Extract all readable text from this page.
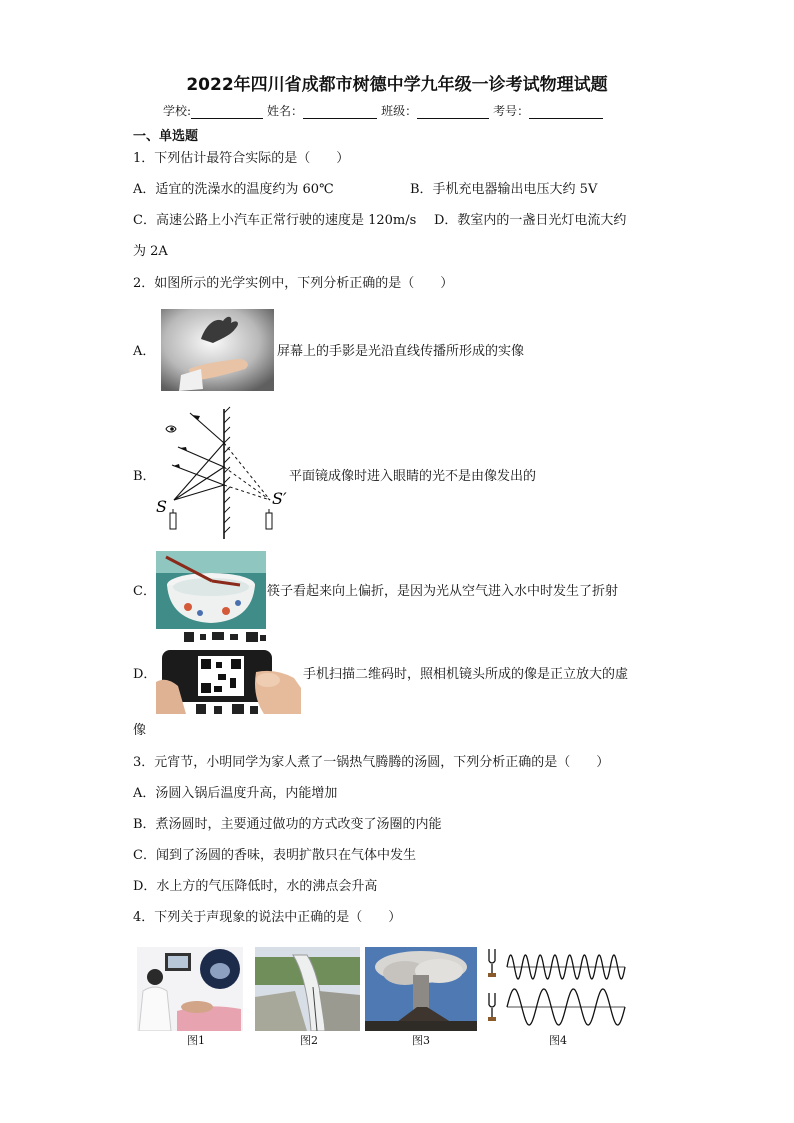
2022年四川省成都市树德中学九年级一诊考试物理试题
学校:	姓名：	班级：	考号：
一、单选题
1．下列估计最符合实际的是（　　）
A．适宜的洗澡水的温度约为 60℃	B．手机充电器输出电压大约 5V
C．高速公路上小汽车正常行驶的速度是 120m/s D．教室内的一盏日光灯电流大约
为 2A
2．如图所示的光学实例中，下列分析正确的是（　　）
A．	屏幕上的手影是光沿直线传播所形成的实像
B．
S	S′
平面镜成像时进入眼睛的光不是由像发出的
C．	筷子看起来向上偏折，是因为光从空气进入水中时发生了折射
D．	手机扫描二维码时，照相机镜头所成的像是正立放大的虚
像
3．元宵节，小明同学为家人煮了一锅热气腾腾的汤圆，下列分析正确的是（　　）
A．汤圆入锅后温度升高，内能增加
B．煮汤圆时，主要通过做功的方式改变了汤圈的内能
C．闻到了汤圆的香味，表明扩散只在气体中发生
D．水上方的气压降低时，水的沸点会升高
4．下列关于声现象的说法中正确的是（　　）
图1	图2	图3	图4
